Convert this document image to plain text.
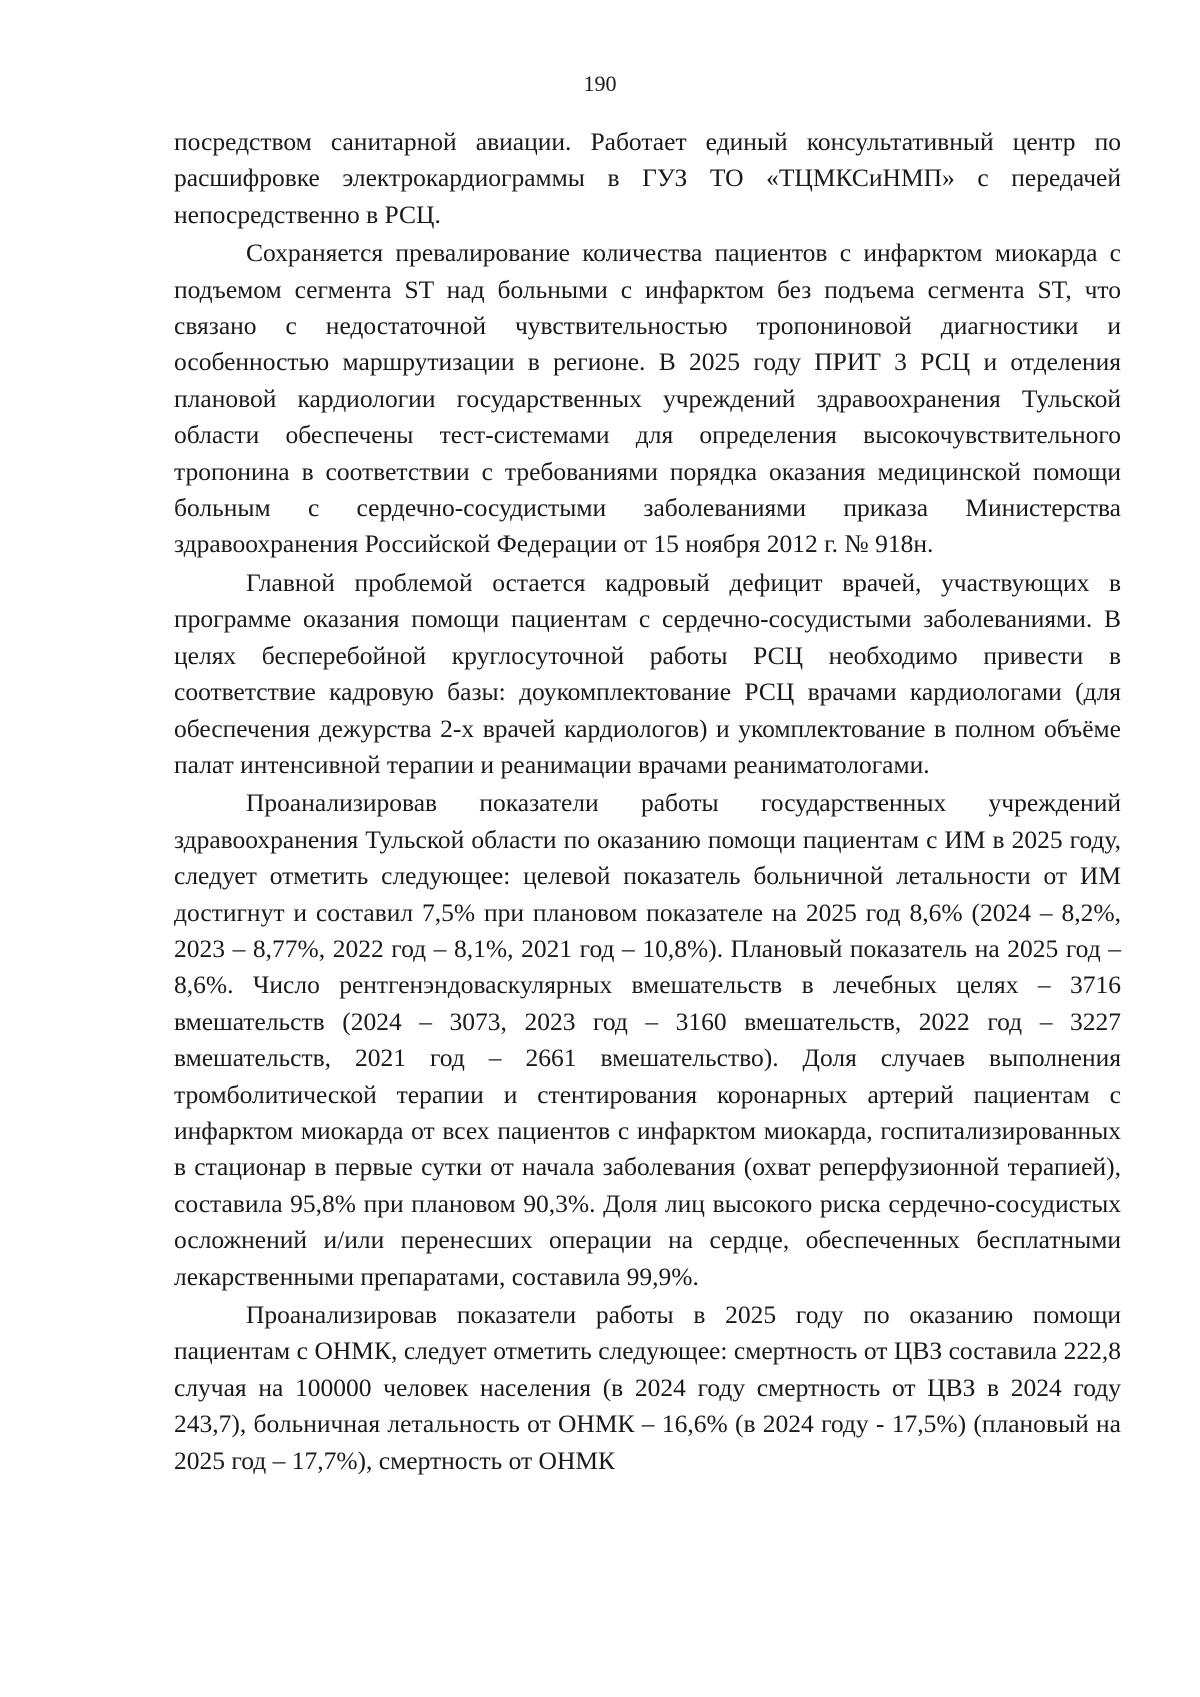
190

посредством санитарной авиации. Работает единый консультативный центр по расшифровке электрокардиограммы в ГУЗ ТО «ТЦМКСиНМП» с передачей непосредственно в РСЦ.

Сохраняется превалирование количества пациентов с инфарктом миокарда с подъемом сегмента ST над больными с инфарктом без подъема сегмента ST, что связано с недостаточной чувствительностью тропониновой диагностики и особенностью маршрутизации в регионе. В 2025 году ПРИТ 3 РСЦ и отделения плановой кардиологии государственных учреждений здравоохранения Тульской области обеспечены тест-системами для определения высокочувствительного тропонина в соответствии с требованиями порядка оказания медицинской помощи больным с сердечно-сосудистыми заболеваниями приказа Министерства здравоохранения Российской Федерации от 15 ноября 2012 г. № 918н.

Главной проблемой остается кадровый дефицит врачей, участвующих в программе оказания помощи пациентам с сердечно-сосудистыми заболеваниями. В целях бесперебойной круглосуточной работы РСЦ необходимо привести в соответствие кадровую базы: доукомплектование РСЦ врачами кардиологами (для обеспечения дежурства 2-х врачей кардиологов) и укомплектование в полном объёме палат интенсивной терапии и реанимации врачами реаниматологами.

Проанализировав показатели работы государственных учреждений здравоохранения Тульской области по оказанию помощи пациентам с ИМ в 2025 году, следует отметить следующее: целевой показатель больничной летальности от ИМ достигнут и составил 7,5% при плановом показателе на 2025 год 8,6% (2024 – 8,2%, 2023 – 8,77%, 2022 год – 8,1%, 2021 год – 10,8%). Плановый показатель на 2025 год – 8,6%. Число рентгенэндоваскулярных вмешательств в лечебных целях – 3716 вмешательств (2024 – 3073, 2023 год – 3160 вмешательств, 2022 год – 3227 вмешательств, 2021 год – 2661 вмешательство). Доля случаев выполнения тромболитической терапии и стентирования коронарных артерий пациентам с инфарктом миокарда от всех пациентов с инфарктом миокарда, госпитализированных в стационар в первые сутки от начала заболевания (охват реперфузионной терапией), составила 95,8% при плановом 90,3%. Доля лиц высокого риска сердечно-сосудистых осложнений и/или перенесших операции на сердце, обеспеченных бесплатными лекарственными препаратами, составила 99,9%.

Проанализировав показатели работы в 2025 году по оказанию помощи пациентам с ОНМК, следует отметить следующее: смертность от ЦВЗ составила 222,8 случая на 100000 человек населения (в 2024 году смертность от ЦВЗ в 2024 году 243,7), больничная летальность от ОНМК – 16,6% (в 2024 году - 17,5%) (плановый на 2025 год – 17,7%), смертность от ОНМК
